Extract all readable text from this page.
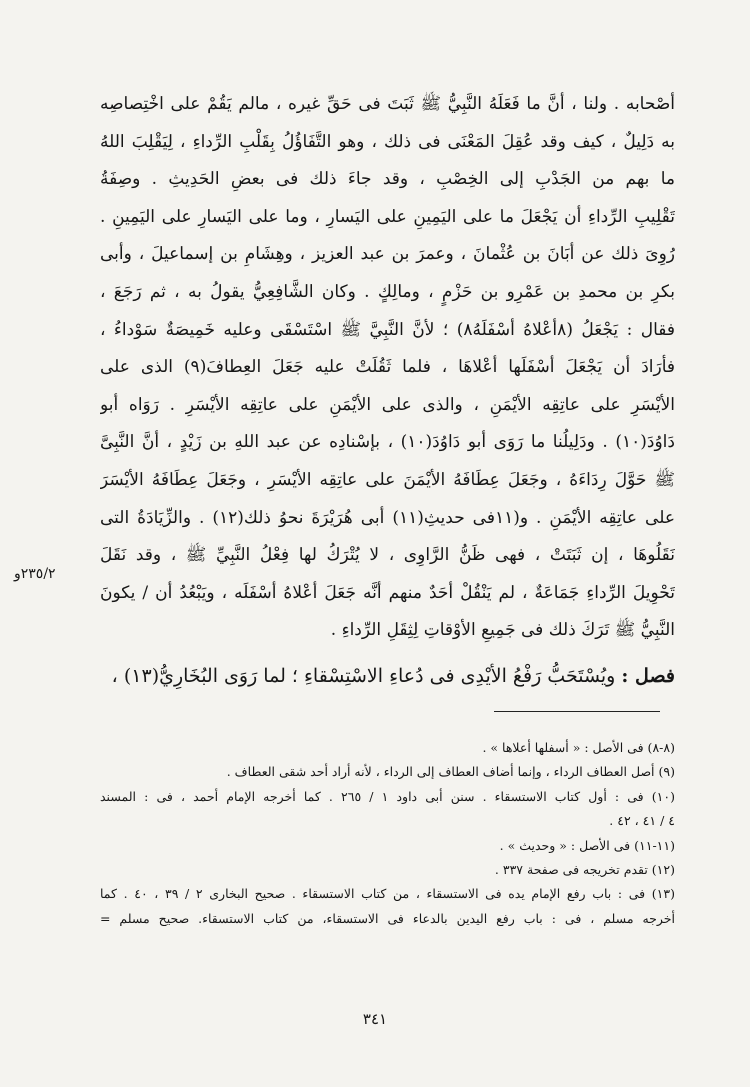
أصْحابه . ولنا ، أنَّ ما فَعَلَهُ النَّبِيُّ ﷺ ثَبَتَ فى حَقِّ غيره ، مالم يَقُمْ على اخْتِصاصِه
به دَلِيلٌ ، كيف وقد عُقِلَ المَعْنَى فى ذلك ، وهو التَّفَاؤُلُ بِقَلْبِ الرِّداءِ ، لِيَقْلِبَ اللهُ
ما بهم من الجَدْبِ إلى الخِصْبِ ، وقد جاءَ ذلك فى بعضِ الحَدِيثِ . وصِفَةُ
تَقْلِيبِ الرِّداءِ أن يَجْعَلَ ما على اليَمِينِ على اليَسارِ ، وما على اليَسارِ على اليَمِينِ .
رُوِىَ ذلك عن أبَانَ بن عُثْمانَ ، وعمرَ بن عبد العزيز ، وهِشَامِ بن إسماعيلَ ، وأبى
بكرِ بن محمدِ بن عَمْرِو بن حَزْمٍ ، ومالِكٍ . وكان الشَّافِعِيُّ يقولُ به ، ثم رَجَعَ ،
فقال : يَجْعَلُ (٨أعْلاهُ أسْفَلَهُ٨) ؛ لأنَّ النَّبِيَّ ﷺ اسْتَسْقَى وعليه خَمِيصَةٌ سَوْداءُ ،
فأرَادَ أن يَجْعَلَ أسْفَلَها أعْلاهَا ، فلما ثَقُلَتْ عليه جَعَلَ العِطافَ(٩) الذى على
الأيْسَرِ على عاتِقِه الأيْمَنِ ، والذى على الأيْمَنِ على عاتِقِه الأيْسَرِ . رَوَاه أبو
دَاوُدَ(١٠) . ودَلِيلُنا ما رَوَى أبو دَاوُدَ(١٠) ، بإسْنادِه عن عبد اللهِ بن زَيْدٍ ، أنَّ النَّبِىَّ
ﷺ حَوَّلَ رِدَاءَهُ ، وجَعَلَ عِطَافَهُ الأيْمَنَ على عاتِقِه الأيْسَرِ ، وجَعَلَ عِطَافَهُ الأيْسَرَ
على عاتِقِه الأيْمَنِ . و(١١فى حديثِ(١١) أبى هُرَيْرَةَ نحوُ ذلك(١٢) . والزِّيَادَةُ التى
نَقَلُوهَا ، إن ثَبَتَتْ ، فهى ظَنُّ الرَّاوِى ، لا يُتْرَكُ لها فِعْلُ النَّبِيِّ ﷺ ، وقد نَقَلَ
تَحْوِيلَ الرِّداءِ جَمَاعَةٌ ، لم يَنْقُلْ أحَدٌ منهم أنَّه جَعَلَ أعْلاهُ أسْفَلَه ، ويَبْعُدُ أن / يكونَ
النَّبِيُّ ﷺ تَرَكَ ذلك فى جَمِيعِ الأوْقاتِ لِثِقَلِ الرِّداءِ .
فصل : ويُسْتَحَبُّ رَفْعُ الأيْدِى فى دُعاءِ الاسْتِسْقاءِ ؛ لما رَوَى البُخَارِيُّ(١٣) ،
٢٣٥/٢و
(٨-٨) فى الأصل : « أسفلها أعلاها » .
(٩) أصل العطاف الرداء ، وإنما أضاف العطاف إلى الرداء ، لأنه أراد أحد شقى العطاف .
(١٠) فى : أول كتاب الاستسقاء . سنن أبى داود ١ / ٢٦٥ . كما أخرجه الإمام أحمد ، فى : المسند
٤ / ٤١ ، ٤٢ .
(١١-١١) فى الأصل : « وحديث » .
(١٢) تقدم تخريجه فى صفحة ٣٣٧ .
(١٣) فى : باب رفع الإمام يده فى الاستسقاء ، من كتاب الاستسقاء . صحيح البخارى ٢ / ٣٩ ، ٤٠ . كما
أخرجه مسلم ، فى : باب رفع اليدين بالدعاء فى الاستسقاء، من كتاب الاستسقاء. صحيح مسلم =
٣٤١
